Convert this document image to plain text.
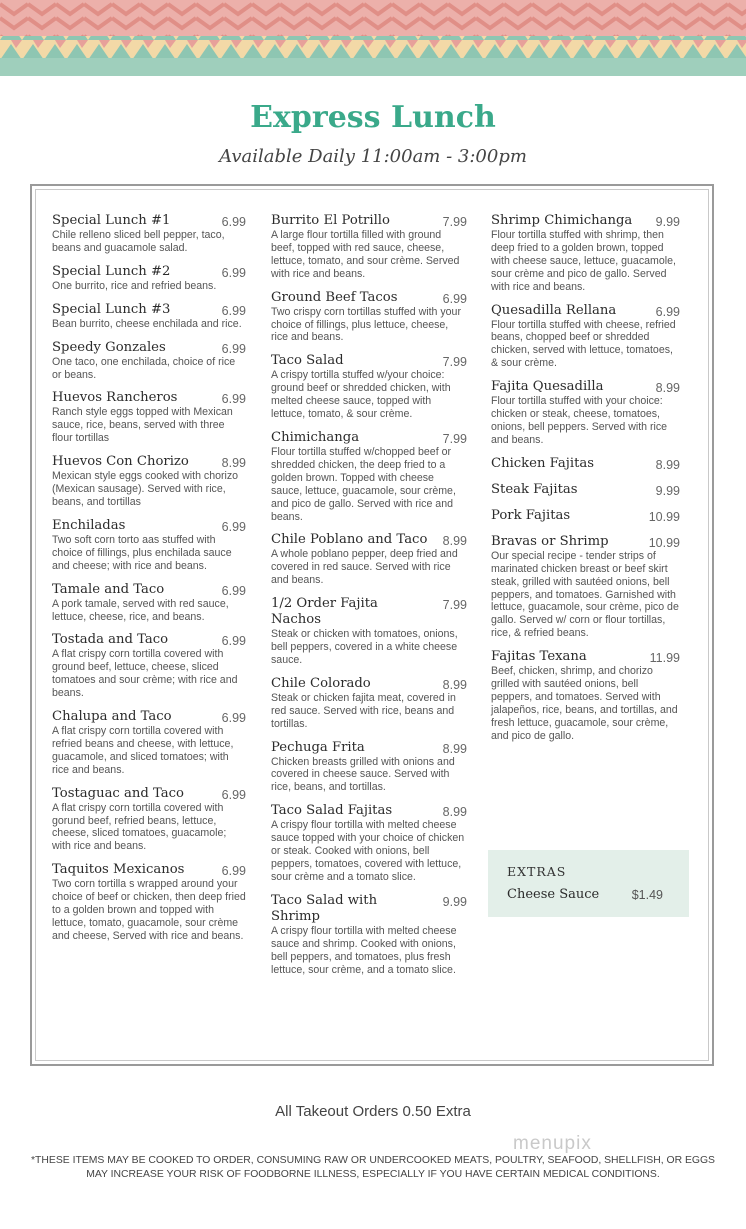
Express Lunch
Available Daily 11:00am - 3:00pm
Special Lunch #1	6.99
Chile relleno sliced bell pepper, taco, beans and guacamole salad.
Special Lunch #2	6.99
One burrito, rice and refried beans.
Special Lunch #3	6.99
Bean burrito, cheese enchilada and rice.
Speedy Gonzales	6.99
One taco, one enchilada, choice of rice or beans.
Huevos Rancheros	6.99
Ranch style eggs topped with Mexican sauce, rice, beans, served with three flour tortillas
Huevos Con Chorizo	8.99
Mexican style eggs cooked with chorizo (Mexican sausage). Served with rice, beans, and tortillas
Enchiladas	6.99
Two soft corn torto aas stuffed with choice of fillings, plus enchilada sauce and cheese; with rice and beans.
Tamale and Taco	6.99
A pork tamale, served with red sauce, lettuce, cheese, rice, and beans.
Tostada and Taco	6.99
A flat crispy corn tortilla covered with ground beef, lettuce, cheese, sliced tomatoes and sour crème; with rice and beans.
Chalupa and Taco	6.99
A flat crispy corn tortilla covered with refried beans and cheese, with lettuce, guacamole, and sliced tomatoes; with rice and beans.
Tostaguac and Taco	6.99
A flat crispy corn tortilla covered with gorund beef, refried beans, lettuce, cheese, sliced tomatoes, guacamole; with rice and beans.
Taquitos Mexicanos	6.99
Two corn tortilla s wrapped around your choice of beef or chicken, then deep fried to a golden brown and topped with lettuce, tomato, guacamole, sour crème and cheese, Served with rice and beans.
Burrito El Potrillo	7.99
A large flour tortilla filled with ground beef, topped with red sauce, cheese, lettuce, tomato, and sour crème. Served with rice and beans.
Ground Beef Tacos	6.99
Two crispy corn tortillas stuffed with your choice of fillings, plus lettuce, cheese, rice and beans.
Taco Salad	7.99
A crispy tortilla stuffed w/your choice: ground beef or shredded chicken, with melted cheese sauce, topped with lettuce, tomato, & sour crème.
Chimichanga	7.99
Flour tortilla stuffed w/chopped beef or shredded chicken, the deep fried to a golden brown. Topped with cheese sauce, lettuce, guacamole, sour crème, and pico de gallo. Served with rice and beans.
Chile Poblano and Taco	8.99
A whole poblano pepper, deep fried and covered in red sauce. Served with rice and beans.
1/2 Order Fajita Nachos
7.99
Steak or chicken with tomatoes, onions, bell peppers, covered in a white cheese sauce.
Chile Colorado	8.99
Steak or chicken fajita meat, covered in red sauce. Served with rice, beans and tortillas.
Pechuga Frita	8.99
Chicken breasts grilled with onions and covered in cheese sauce. Served with rice, beans, and tortillas.
Taco Salad Fajitas	8.99
A crispy flour tortilla with melted cheese sauce topped with your choice of chicken or steak. Cooked with onions, bell peppers, tomatoes, covered with lettuce, sour crème and a tomato slice.
Taco Salad with Shrimp
9.99
A crispy flour tortilla with melted cheese sauce and shrimp. Cooked with onions, bell peppers, and tomatoes, plus fresh lettuce, sour crème, and a tomato slice.
Shrimp Chimichanga	9.99
Flour tortilla stuffed with shrimp, then deep fried to a golden brown, topped with cheese sauce, lettuce, guacamole, sour crème and pico de gallo. Served with rice and beans.
Quesadilla Rellana	6.99
Flour tortilla stuffed with cheese, refried beans, chopped beef or shredded chicken, served with lettuce, tomatoes, & sour crème.
Fajita Quesadilla	8.99
Flour tortilla stuffed with your choice: chicken or steak, cheese, tomatoes, onions, bell peppers. Served with rice and beans.
Chicken Fajitas	8.99
Steak Fajitas	9.99
Pork Fajitas	10.99
Bravas or Shrimp	10.99
Our special recipe - tender strips of marinated chicken breast or beef skirt steak, grilled with sautéed onions, bell peppers, and tomatoes. Garnished with lettuce, guacamole, sour crème, pico de gallo. Served w/ corn or flour tortillas, rice, & refried beans.
Fajitas Texana	11.99
Beef, chicken, shrimp, and chorizo grilled with sautéed onions, bell peppers, and tomatoes. Served with jalapeños, rice, beans, and tortillas, and fresh lettuce, guacamole, sour crème, and pico de gallo.
EXTRAS
Cheese Sauce	$1.49
All Takeout Orders 0.50 Extra
menupix
*THESE ITEMS MAY BE COOKED TO ORDER, CONSUMING RAW OR UNDERCOOKED MEATS, POULTRY, SEAFOOD, SHELLFISH, OR EGGS MAY INCREASE YOUR RISK OF FOODBORNE ILLNESS, ESPECIALLY IF YOU HAVE CERTAIN MEDICAL CONDITIONS.
